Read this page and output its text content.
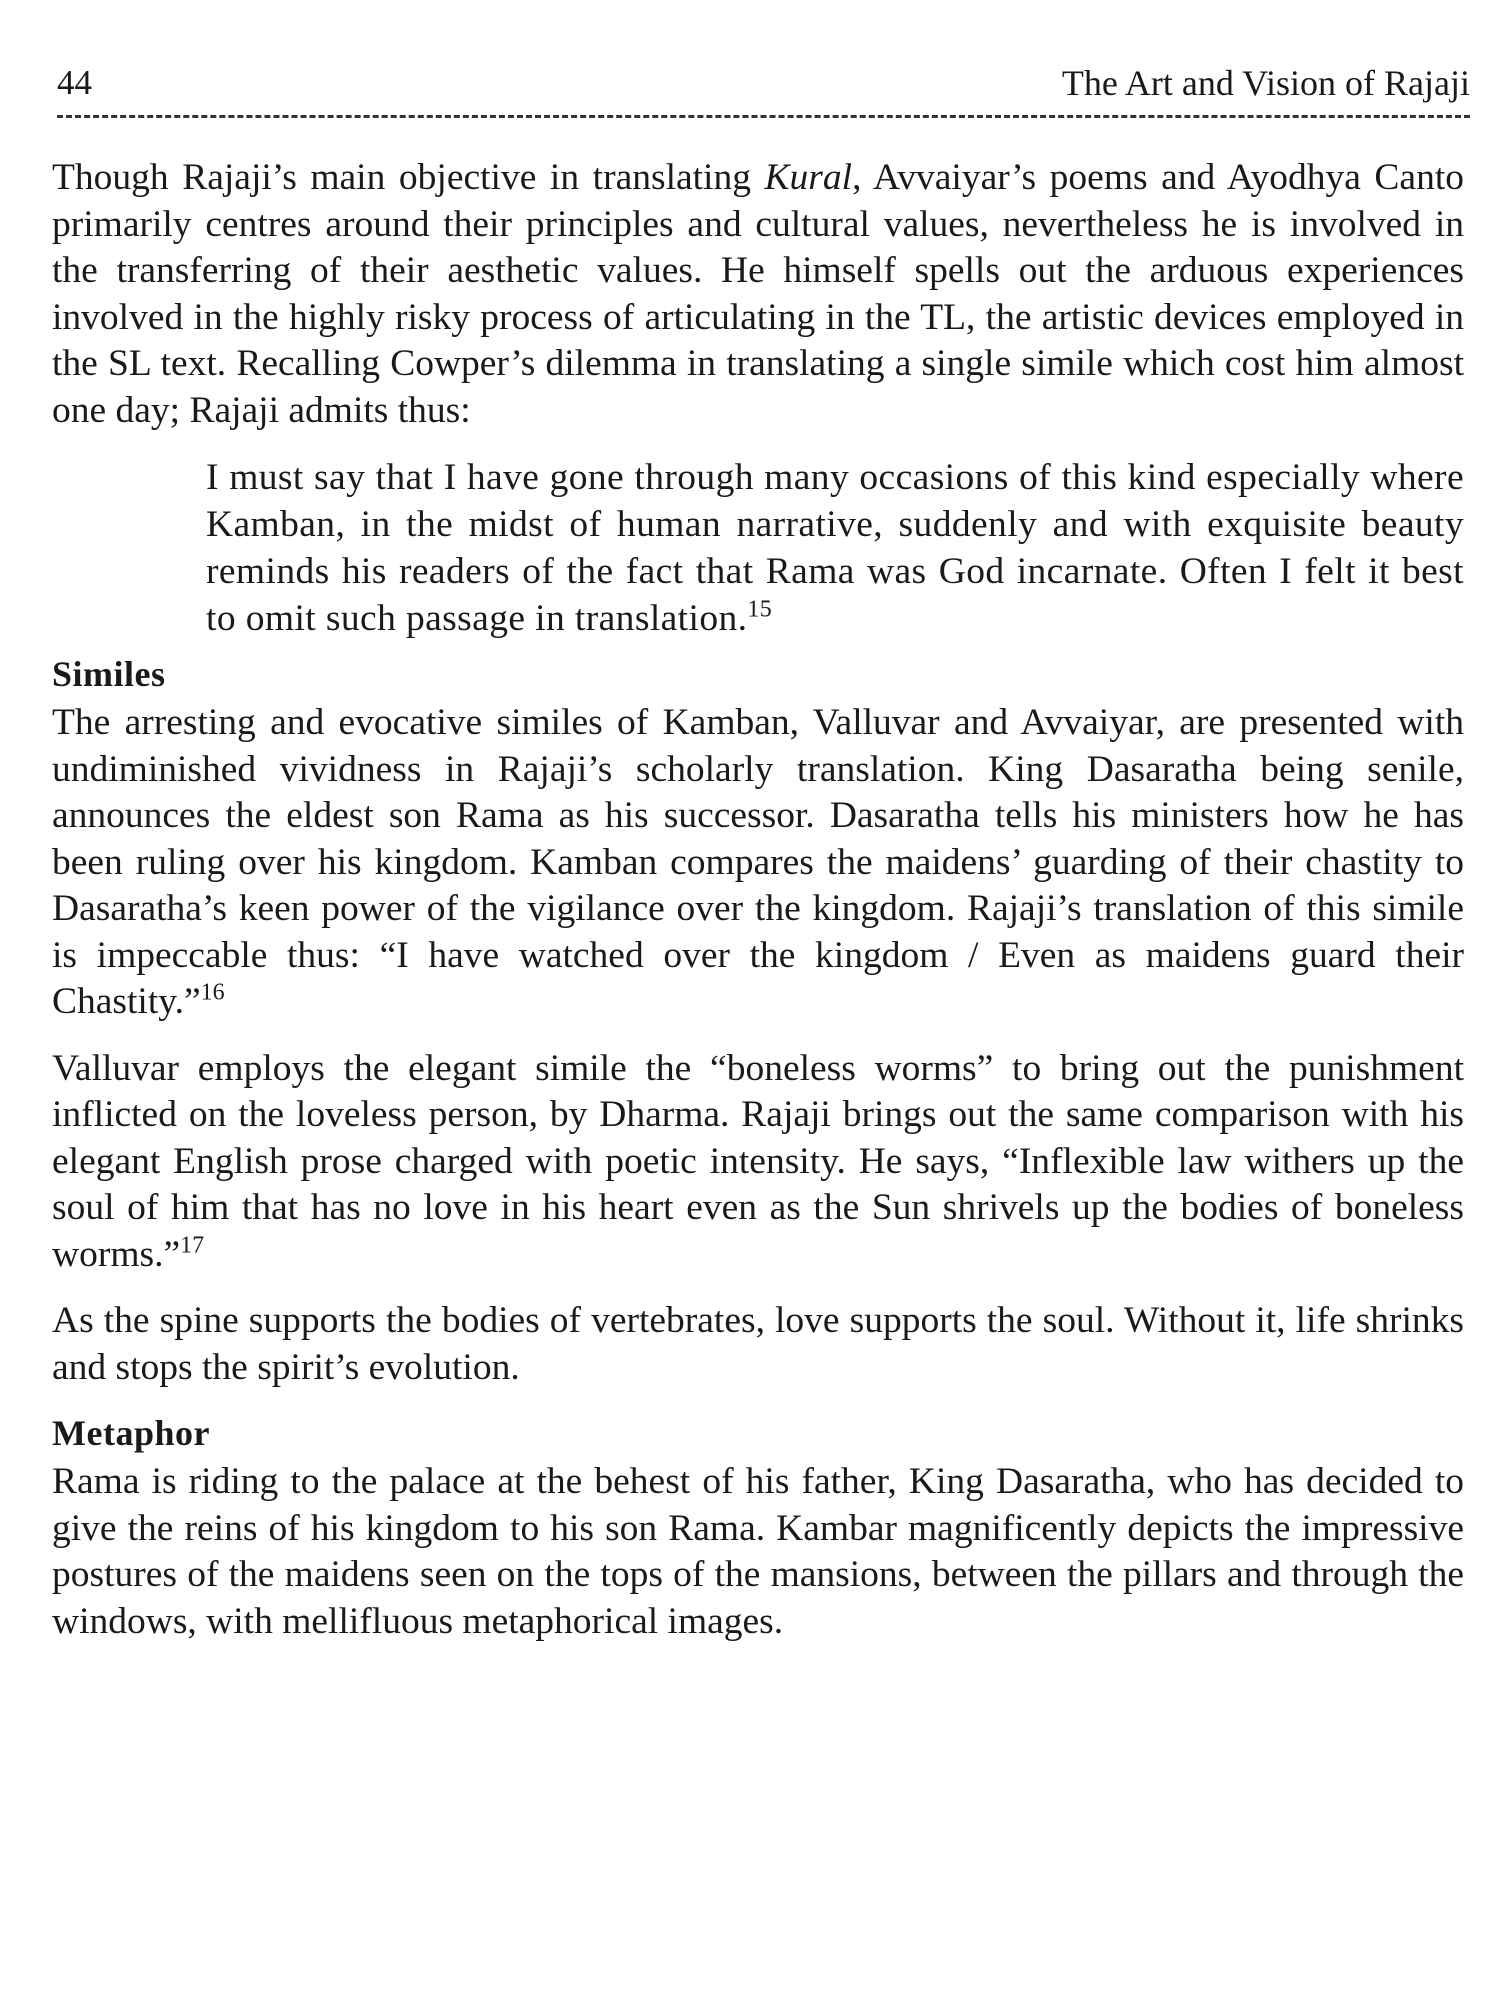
44	The Art and Vision of Rajaji

Though Rajaji’s main objective in translating Kural, Avvaiyar’s poems and Ayodhya Canto primarily centres around their principles and cultural values, nevertheless he is involved in the transferring of their aesthetic values. He himself spells out the arduous experiences involved in the highly risky process of articulating in the TL, the artistic devices employed in the SL text. Recalling Cowper’s dilemma in translating a single simile which cost him almost one day; Rajaji admits thus:

I must say that I have gone through many occasions of this kind especially where Kamban, in the midst of human narrative, suddenly and with exquisite beauty reminds his readers of the fact that Rama was God incarnate. Often I felt it best to omit such passage in translation.$^{15}$

Similes

The arresting and evocative similes of Kamban, Valluvar and Avvaiyar, are presented with undiminished vividness in Rajaji’s scholarly translation. King Dasaratha being senile, announces the eldest son Rama as his successor. Dasaratha tells his ministers how he has been ruling over his kingdom. Kamban compares the maidens’ guarding of their chastity to Dasaratha’s keen power of the vigilance over the kingdom. Rajaji’s translation of this simile is impeccable thus: “I have watched over the kingdom / Even as maidens guard their Chastity.”$^{16}$

Valluvar employs the elegant simile the “boneless worms” to bring out the punishment inflicted on the loveless person, by Dharma. Rajaji brings out the same comparison with his elegant English prose charged with poetic intensity. He says, “Inflexible law withers up the soul of him that has no love in his heart even as the Sun shrivels up the bodies of boneless worms.”$^{17}$

As the spine supports the bodies of vertebrates, love supports the soul. Without it, life shrinks and stops the spirit’s evolution.

Metaphor

Rama is riding to the palace at the behest of his father, King Dasaratha, who has decided to give the reins of his kingdom to his son Rama. Kambar magnificently depicts the impressive postures of the maidens seen on the tops of the mansions, between the pillars and through the windows, with mellifluous metaphorical images.
